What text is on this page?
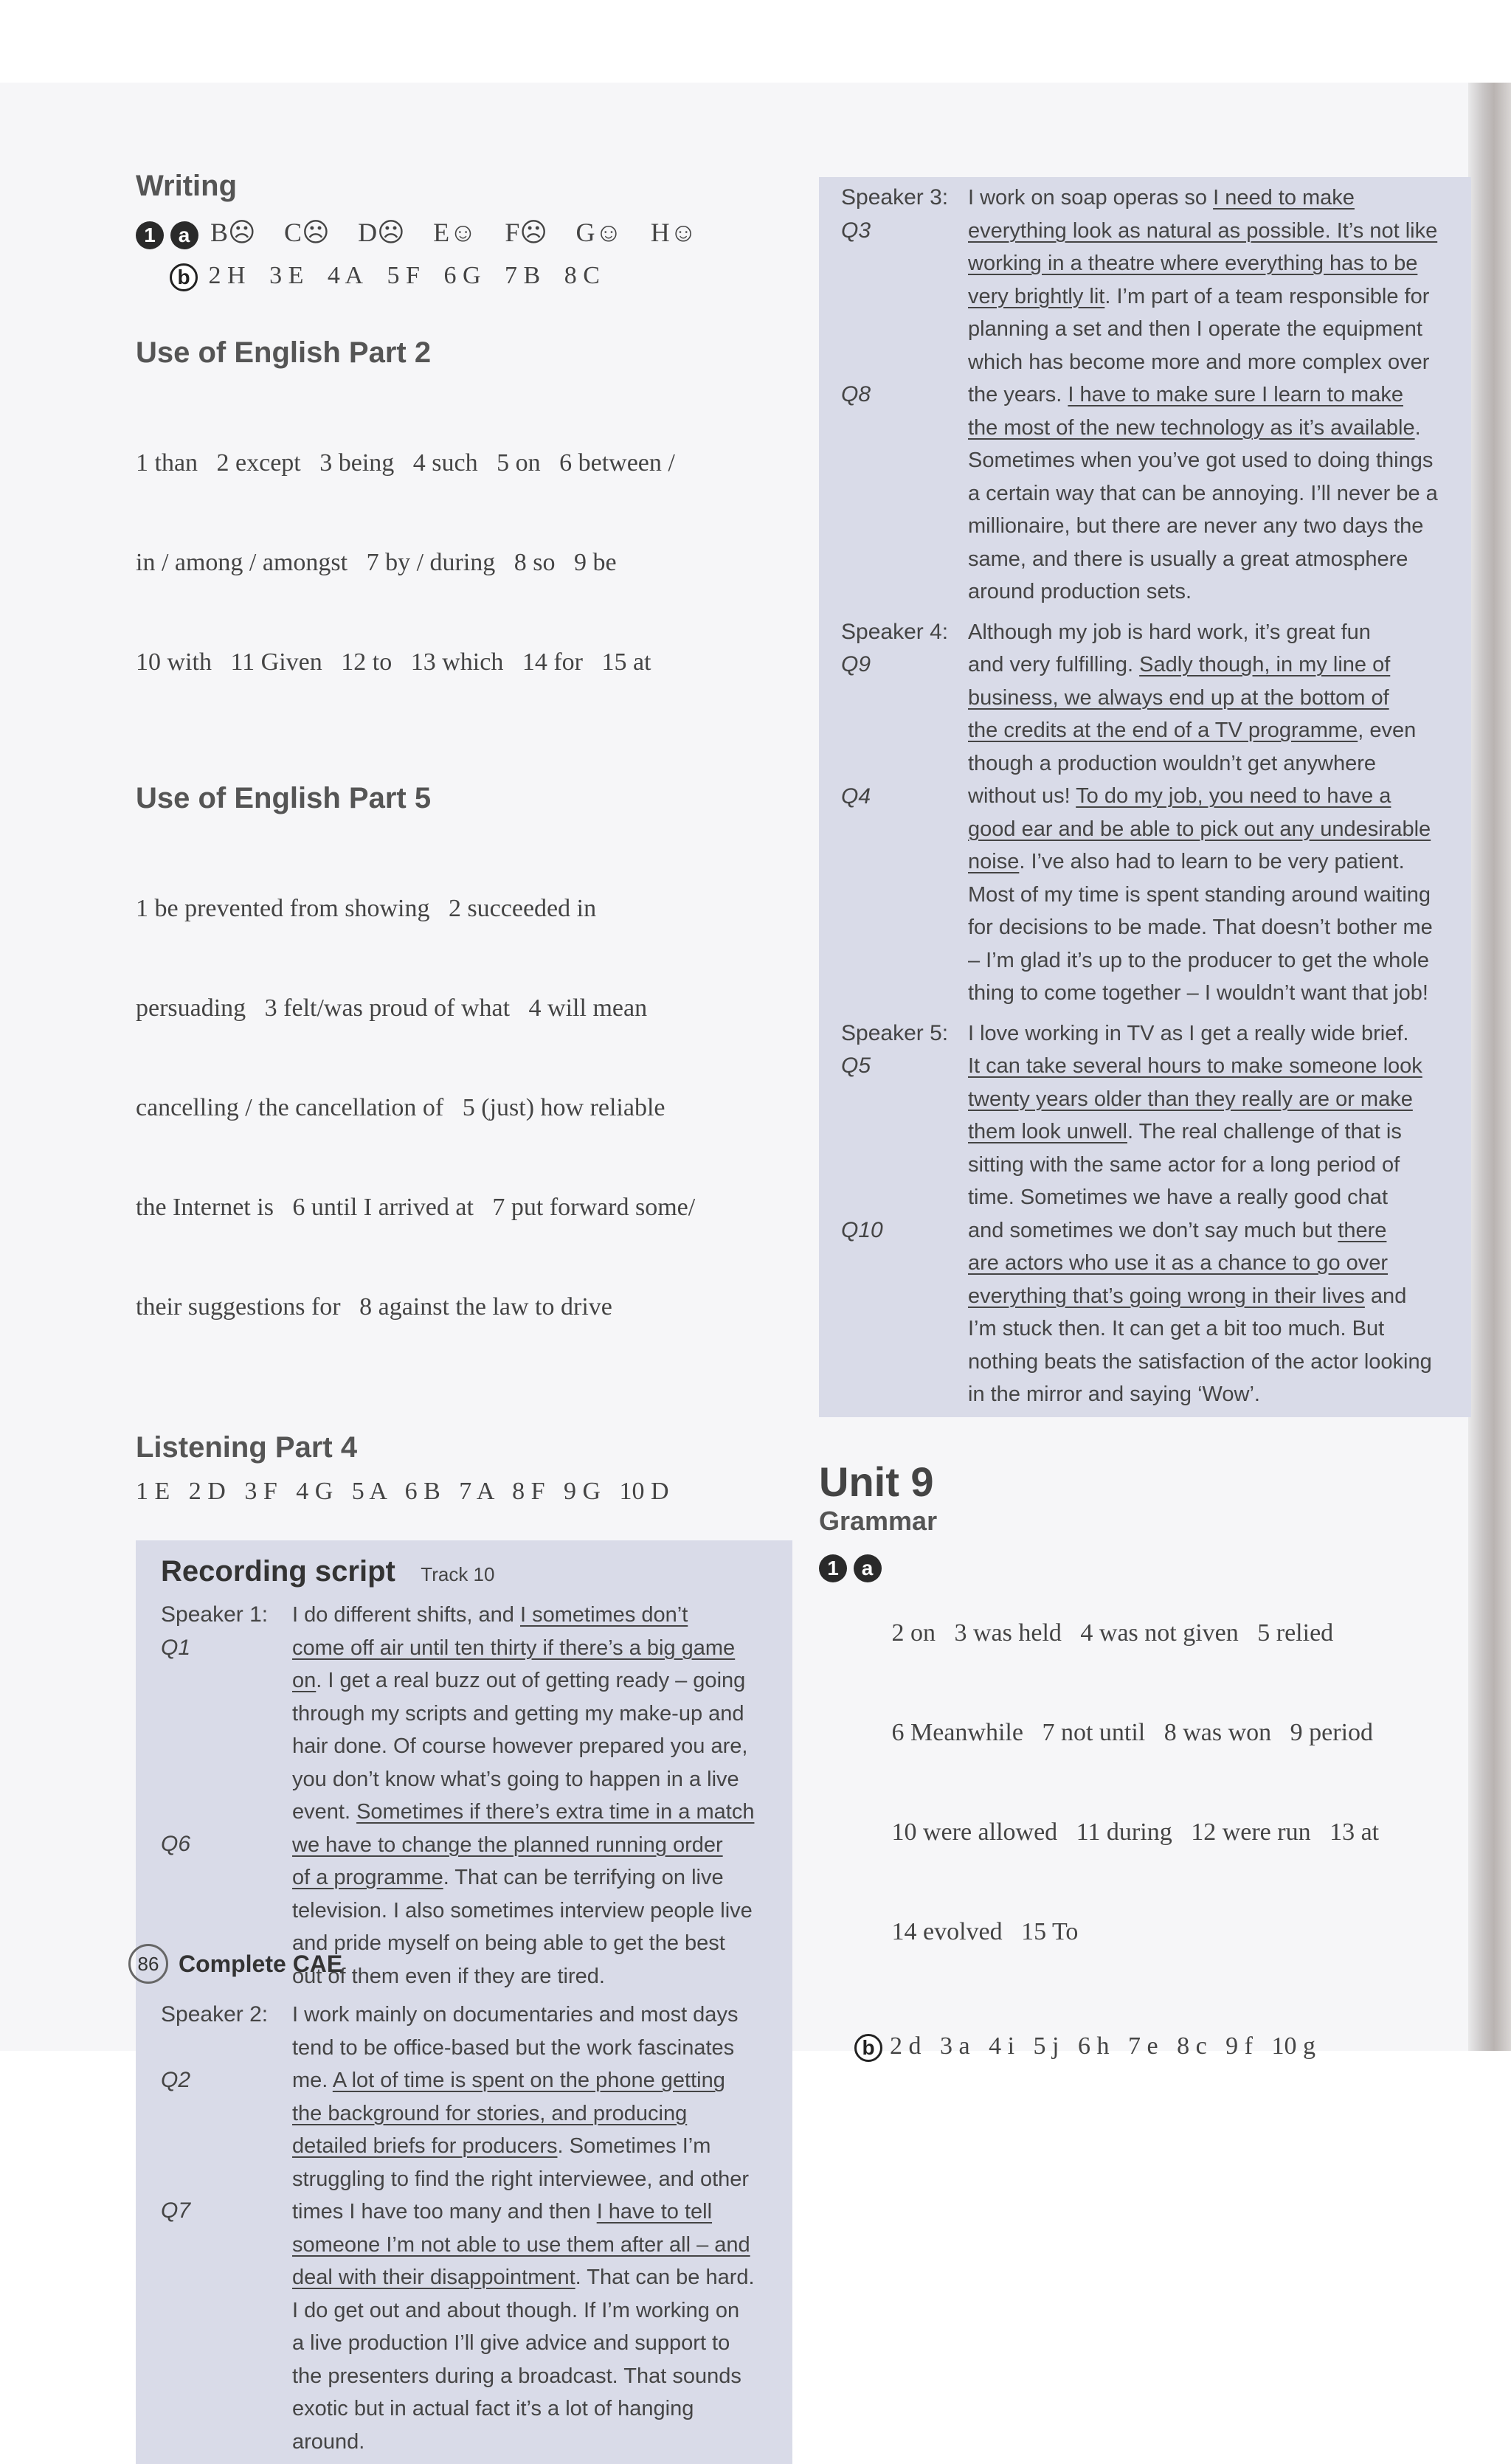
Writing
1 a B☹ C☹ D☹ E☺ F☹ G☺ H☺
b 2 H 3 E 4 A 5 F 6 G 7 B 8 C
Use of English Part 2

1 than   2 except   3 being   4 such   5 on   6 between /

in / among / amongst   7 by / during   8 so   9 be

10 with   11 Given   12 to   13 which   14 for   15 at

Use of English Part 5

1 be prevented from showing   2 succeeded in

persuading   3 felt/was proud of what   4 will mean

cancelling / the cancellation of   5 (just) how reliable

the Internet is   6 until I arrived at   7 put forward some/

their suggestions for   8 against the law to drive

Listening Part 4
1 E   2 D   3 F   4 G   5 A   6 B   7 A   8 F   9 G   10 D
Recording script Track 10
Speaker 1:
Q1
Q6
I do different shifts, and I sometimes don’t
come off air until ten thirty if there’s a big game
on. I get a real buzz out of getting ready – going
through my scripts and getting my make-up and
hair done. Of course however prepared you are,
you don’t know what’s going to happen in a live
event. Sometimes if there’s extra time in a match
we have to change the planned running order
of a programme. That can be terrifying on live
television. I also sometimes interview people live
and pride myself on being able to get the best
out of them even if they are tired.
Speaker 2:
Q2
Q7
I work mainly on documentaries and most days
tend to be office-based but the work fascinates
me. A lot of time is spent on the phone getting
the background for stories, and producing
detailed briefs for producers. Sometimes I’m
struggling to find the right interviewee, and other
times I have too many and then I have to tell
someone I’m not able to use them after all – and
deal with their disappointment. That can be hard.
I do get out and about though. If I’m working on
a live production I’ll give advice and support to
the presenters during a broadcast. That sounds
exotic but in actual fact it’s a lot of hanging
around.
Speaker 3:
Q3
Q8
I work on soap operas so I need to make
everything look as natural as possible. It’s not like
working in a theatre where everything has to be
very brightly lit. I’m part of a team responsible for
planning a set and then I operate the equipment
which has become more and more complex over
the years. I have to make sure I learn to make
the most of the new technology as it’s available.
Sometimes when you’ve got used to doing things
a certain way that can be annoying. I’ll never be a
millionaire, but there are never any two days the
same, and there is usually a great atmosphere
around production sets.
Speaker 4:
Q9
Q4
Although my job is hard work, it’s great fun
and very fulfilling. Sadly though, in my line of
business, we always end up at the bottom of
the credits at the end of a TV programme, even
though a production wouldn’t get anywhere
without us! To do my job, you need to have a
good ear and be able to pick out any undesirable
noise. I’ve also had to learn to be very patient.
Most of my time is spent standing around waiting
for decisions to be made. That doesn’t bother me
– I’m glad it’s up to the producer to get the whole
thing to come together – I wouldn’t want that job!
Speaker 5:
Q5
Q10
I love working in TV as I get a really wide brief.
It can take several hours to make someone look
twenty years older than they really are or make
them look unwell. The real challenge of that is
sitting with the same actor for a long period of
time. Sometimes we have a really good chat
and sometimes we don’t say much but there
are actors who use it as a chance to go over
everything that’s going wrong in their lives and
I’m stuck then. It can get a bit too much. But
nothing beats the satisfaction of the actor looking
in the mirror and saying ‘Wow’.
Unit 9
Grammar
1 a

2 on   3 was held   4 was not given   5 relied

6 Meanwhile   7 not until   8 was won   9 period

10 were allowed   11 during   12 were run   13 at

14 evolved   15 To

b 2 d   3 a   4 i   5 j   6 h   7 e   8 c   9 f   10 g
86 Complete CAE
